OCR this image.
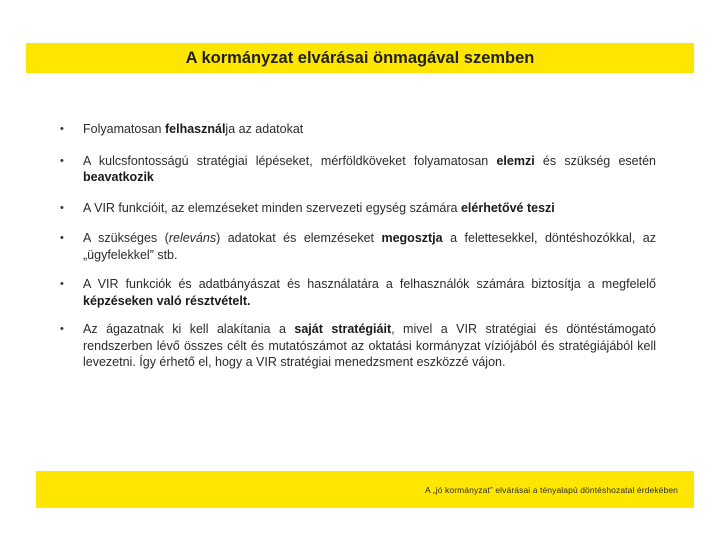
A kormányzat elvárásai önmagával szemben
• Folyamatosan felhasználja az adatokat
• A kulcsfontosságú stratégiai lépéseket, mérföldköveket folyamatosan elemzi és szükség esetén beavatkozik
• A VIR funkcióit, az elemzéseket minden szervezeti egység számára elérhetővé teszi
• A szükséges (releváns) adatokat és elemzéseket megosztja a felettesekkel, döntéshozókkal, az „ügyfelekkel” stb.
• A VIR funkciók és adatbányászat és használatára a felhasználók számára biztosítja a megfelelő képzéseken való résztvételt.
• Az ágazatnak ki kell alakítania a saját stratégiáit, mivel a VIR stratégiai és döntéstámogató rendszerben lévő összes célt és mutatószámot az oktatási kormányzat víziójából és stratégiájából kell levezetni. Így érhető el, hogy a VIR stratégiai menedzsment eszközzé vájon.
A „jó kormányzat” elvárásai a tényalapú döntéshozatal érdekében
